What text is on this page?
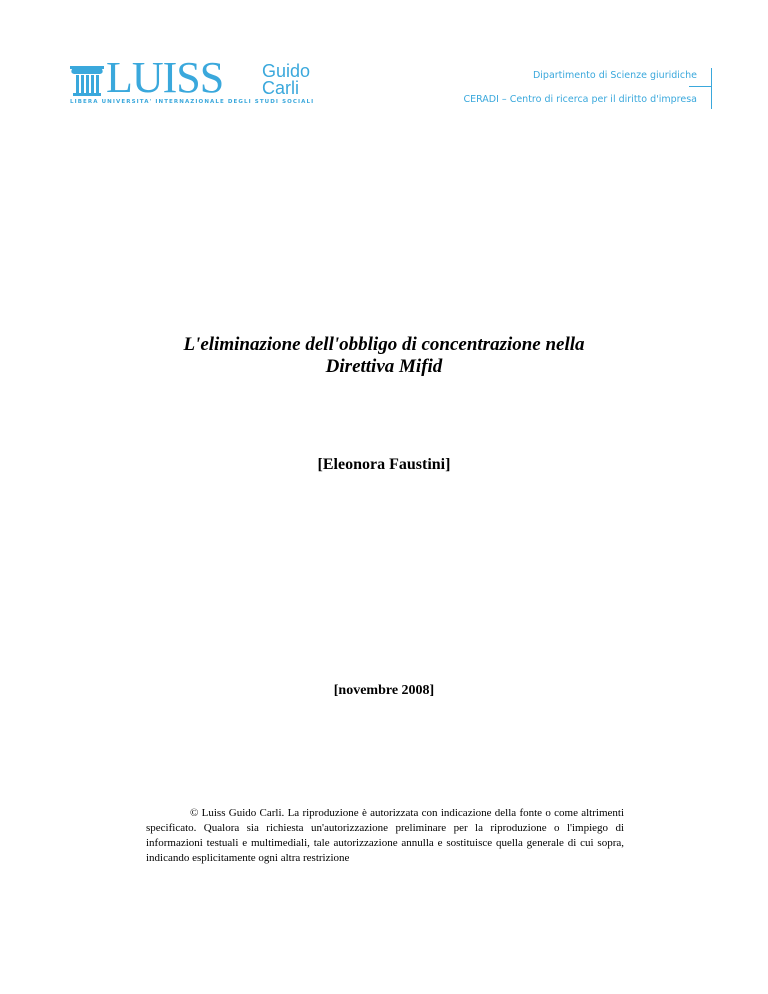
LUISS Guido
Carli
LIBERA UNIVERSITA' INTERNAZIONALE DEGLI STUDI SOCIALI
Dipartimento di Scienze giuridiche
CERADI – Centro di ricerca per il diritto d'impresa
L'eliminazione dell'obbligo di concentrazione nella
Direttiva Mifid
[Eleonora Faustini]
[novembre 2008]

© Luiss Guido Carli. La riproduzione è autorizzata con indicazione della fonte o come altrimenti specificato. Qualora sia richiesta un'autorizzazione preliminare per la riproduzione o l'impiego di informazioni testuali e multimediali, tale autorizzazione annulla e sostituisce quella generale di cui sopra, indicando esplicitamente ogni altra restrizione
